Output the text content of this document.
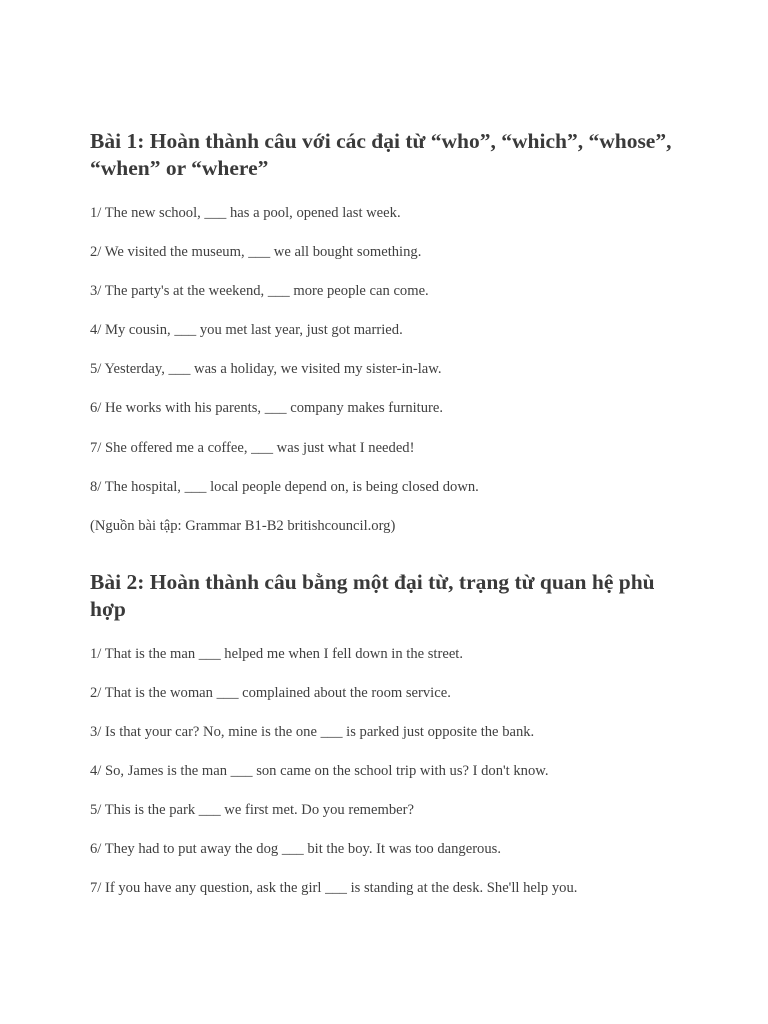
Bài 1: Hoàn thành câu với các đại từ “who”, “which”, “whose”, “when” or “where”
1/ The new school, ___ has a pool, opened last week.
2/ We visited the museum, ___ we all bought something.
3/ The party's at the weekend, ___ more people can come.
4/ My cousin, ___ you met last year, just got married.
5/ Yesterday, ___ was a holiday, we visited my sister-in-law.
6/ He works with his parents, ___ company makes furniture.
7/ She offered me a coffee, ___ was just what I needed!
8/ The hospital, ___ local people depend on, is being closed down.
(Nguồn bài tập: Grammar B1-B2 britishcouncil.org)
Bài 2: Hoàn thành câu bằng một đại từ, trạng từ quan hệ phù hợp
1/ That is the man ___ helped me when I fell down in the street.
2/ That is the woman ___ complained about the room service.
3/ Is that your car? No, mine is the one ___ is parked just opposite the bank.
4/ So, James is the man ___ son came on the school trip with us? I don't know.
5/ This is the park ___ we first met. Do you remember?
6/ They had to put away the dog ___ bit the boy. It was too dangerous.
7/ If you have any question, ask the girl ___ is standing at the desk. She'll help you.
